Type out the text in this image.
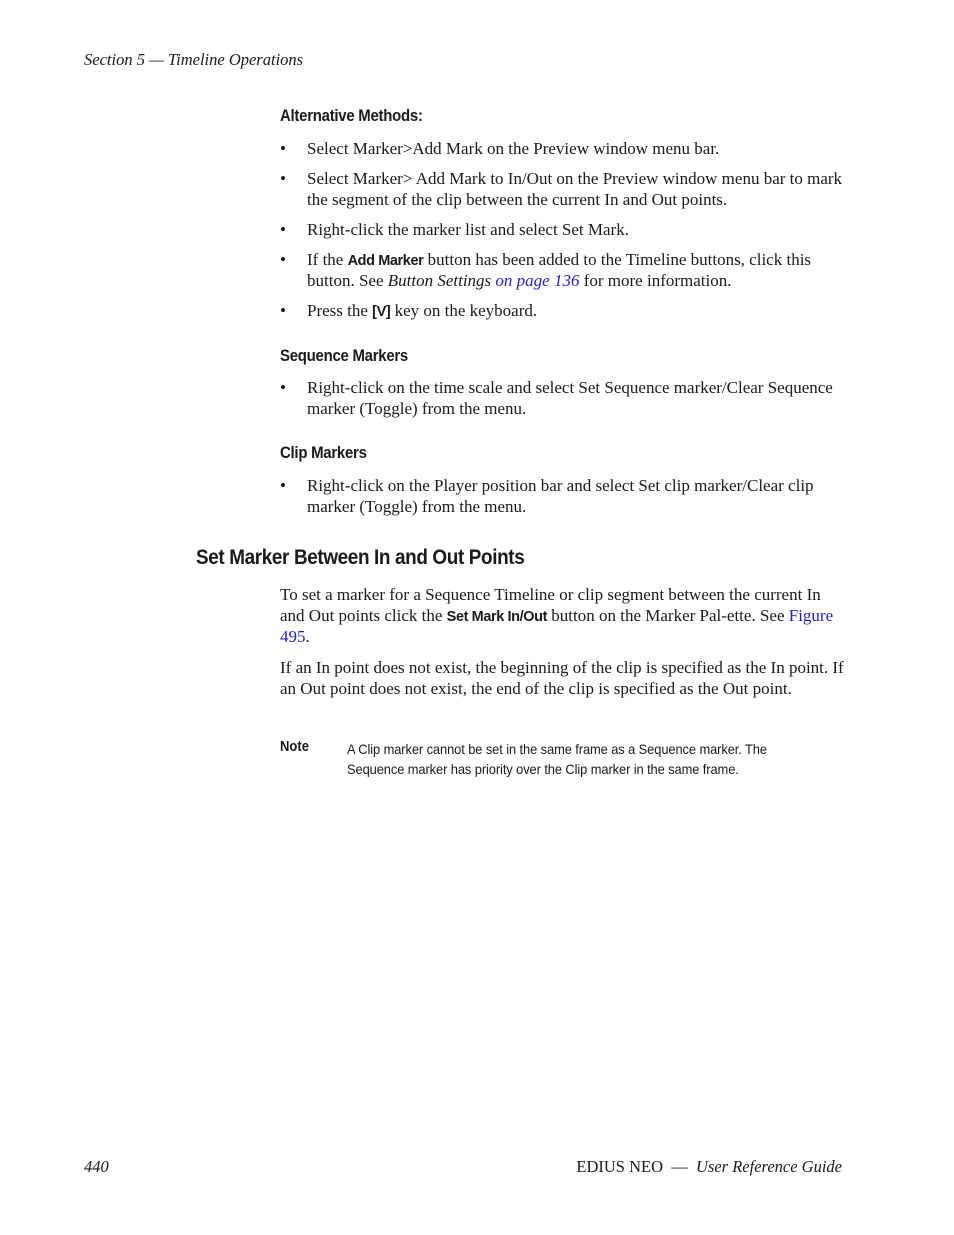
Section 5 — Timeline Operations
Alternative Methods:
• Select Marker>Add Mark on the Preview window menu bar.
• Select Marker> Add Mark to In/Out on the Preview window menu bar to mark the segment of the clip between the current In and Out points.
• Right-click the marker list and select Set Mark.
• If the Add Marker button has been added to the Timeline buttons, click this button. See Button Settings on page 136 for more information.
• Press the [V] key on the keyboard.
Sequence Markers
• Right-click on the time scale and select Set Sequence marker/Clear Sequence marker (Toggle) from the menu.
Clip Markers
• Right-click on the Player position bar and select Set clip marker/Clear clip marker (Toggle) from the menu.
Set Marker Between In and Out Points

To set a marker for a Sequence Timeline or clip segment between the current In and Out points click the Set Mark In/Out button on the Marker Pal-ette. See Figure 495.

If an In point does not exist, the beginning of the clip is specified as the In point. If an Out point does not exist, the end of the clip is specified as the Out point.

Note	A Clip marker cannot be set in the same frame as a Sequence marker. The Sequence marker has priority over the Clip marker in the same frame.
440	EDIUS NEO — User Reference Guide
